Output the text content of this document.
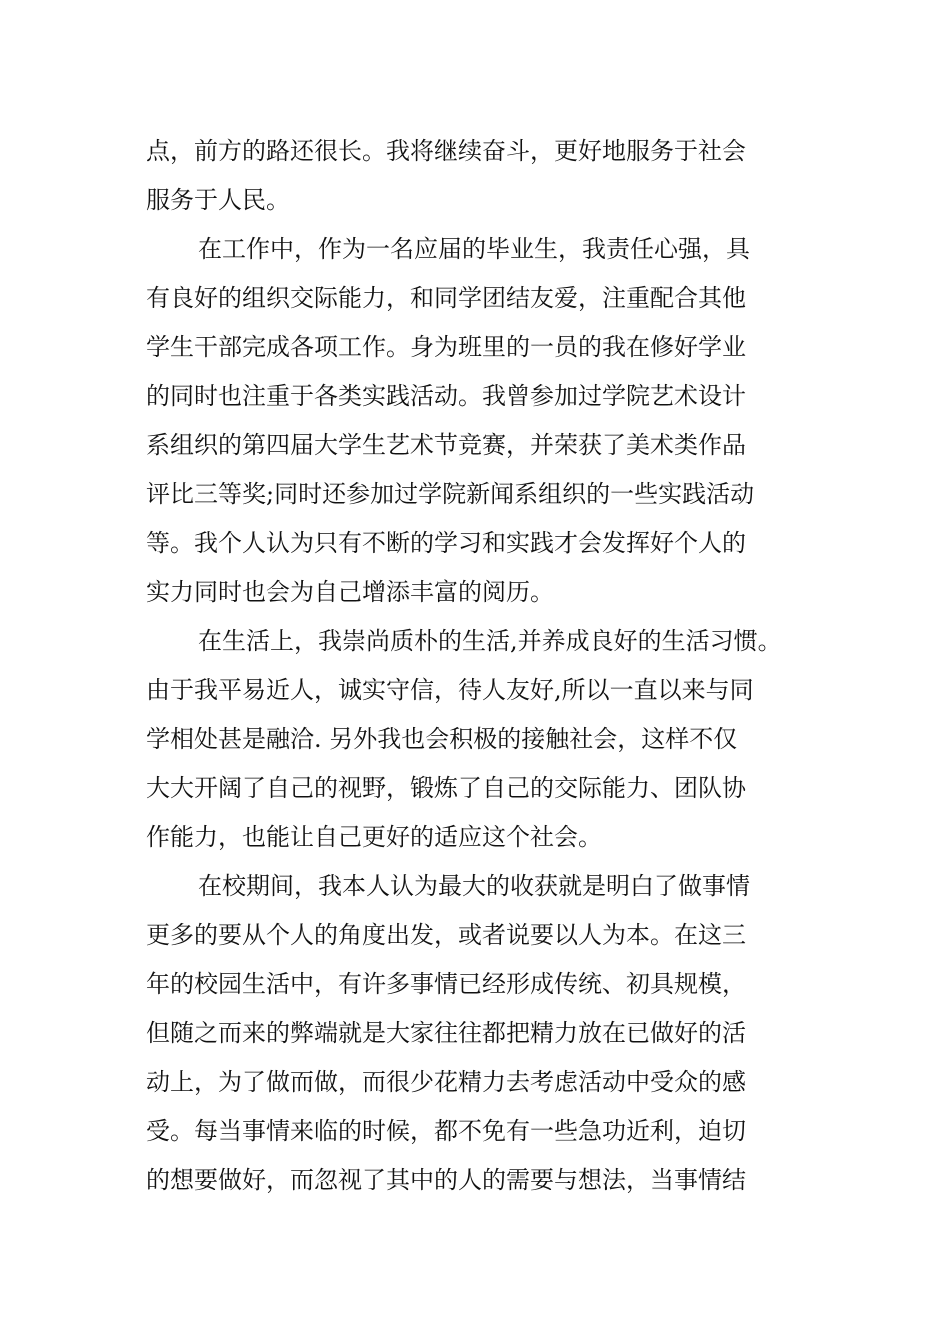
点，前方的路还很长。我将继续奋斗，更好地服务于社会
服务于人民。
在工作中，作为一名应届的毕业生，我责任心强，具
有良好的组织交际能力，和同学团结友爱，注重配合其他
学生干部完成各项工作。身为班里的一员的我在修好学业
的同时也注重于各类实践活动。我曾参加过学院艺术设计
系组织的第四届大学生艺术节竞赛，并荣获了美术类作品
评比三等奖;同时还参加过学院新闻系组织的一些实践活动
等。我个人认为只有不断的学习和实践才会发挥好个人的
实力同时也会为自己增添丰富的阅历。
在生活上，我崇尚质朴的生活,并养成良好的生活习惯。
由于我平易近人，诚实守信，待人友好,所以一直以来与同
学相处甚是融洽. 另外我也会积极的接触社会，这样不仅
大大开阔了自己的视野，锻炼了自己的交际能力、团队协
作能力，也能让自己更好的适应这个社会。
在校期间，我本人认为最大的收获就是明白了做事情
更多的要从个人的角度出发，或者说要以人为本。在这三
年的校园生活中，有许多事情已经形成传统、初具规模，
但随之而来的弊端就是大家往往都把精力放在已做好的活
动上，为了做而做，而很少花精力去考虑活动中受众的感
受。每当事情来临的时候，都不免有一些急功近利，迫切
的想要做好，而忽视了其中的人的需要与想法，当事情结
